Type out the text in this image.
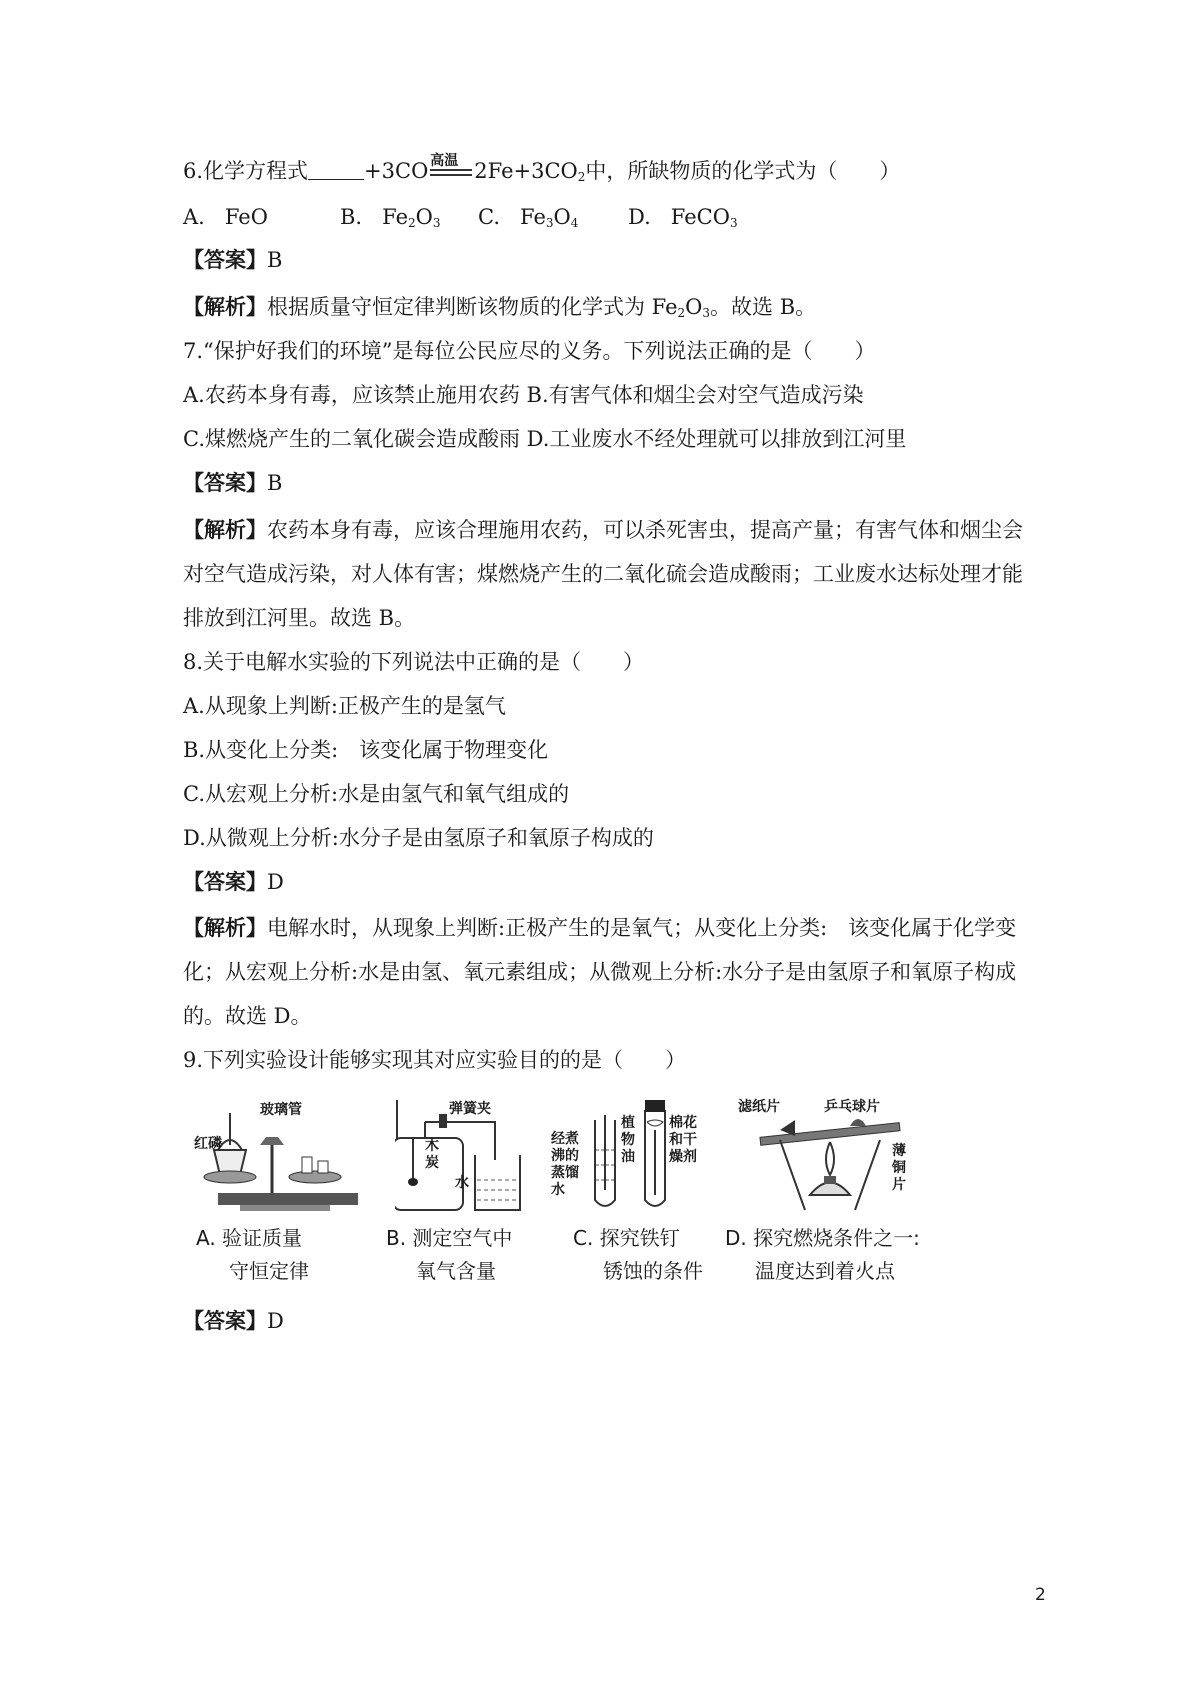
6.化学方程式	+3CO 高温 $2Fe+3CO_2$中，所缺物质的化学式为（　　）
A. FeO	B. $Fe_2O_3$ C. $Fe_3O_4$ D. FeCO$_3$
【答案】B
【解析】根据质量守恒定律判断该物质的化学式为 $Fe_2O_3$。故选 B。
7.“保护好我们的环境”是每位公民应尽的义务。下列说法正确的是（　　）
A.农药本身有毒，应该禁止施用农药 B.有害气体和烟尘会对空气造成污染
C.煤燃烧产生的二氧化碳会造成酸雨 D.工业废水不经处理就可以排放到江河里
【答案】B
【解析】农药本身有毒，应该合理施用农药，可以杀死害虫，提高产量；有害气体和烟尘会
对空气造成污染，对人体有害；煤燃烧产生的二氧化硫会造成酸雨；工业废水达标处理才能
排放到江河里。故选 B。
8.关于电解水实验的下列说法中正确的是（　　）
A.从现象上判断:正极产生的是氢气
B.从变化上分类:　该变化属于物理变化
C.从宏观上分析:水是由氢气和氧气组成的
D.从微观上分析:水分子是由氢原子和氧原子构成的
【答案】D
【解析】电解水时，从现象上判断:正极产生的是氧气；从变化上分类:　该变化属于化学变
化；从宏观上分析:水是由氢、氧元素组成；从微观上分析:水分子是由氢原子和氧原子构成
的。故选 D。
9.下列实验设计能够实现其对应实验目的的是（　　）
玻璃管
红磷
A. 验证质量
守恒定律
弹簧夹
木
炭
水
B. 测定空气中
氧气含量
经煮
沸的
蒸馏
水
植
物
油
棉花
和干
燥剂
C. 探究铁钉
锈蚀的条件
滤纸片	乒乓球片
薄
铜
片
D. 探究燃烧条件之一:
温度达到着火点
【答案】D
2
